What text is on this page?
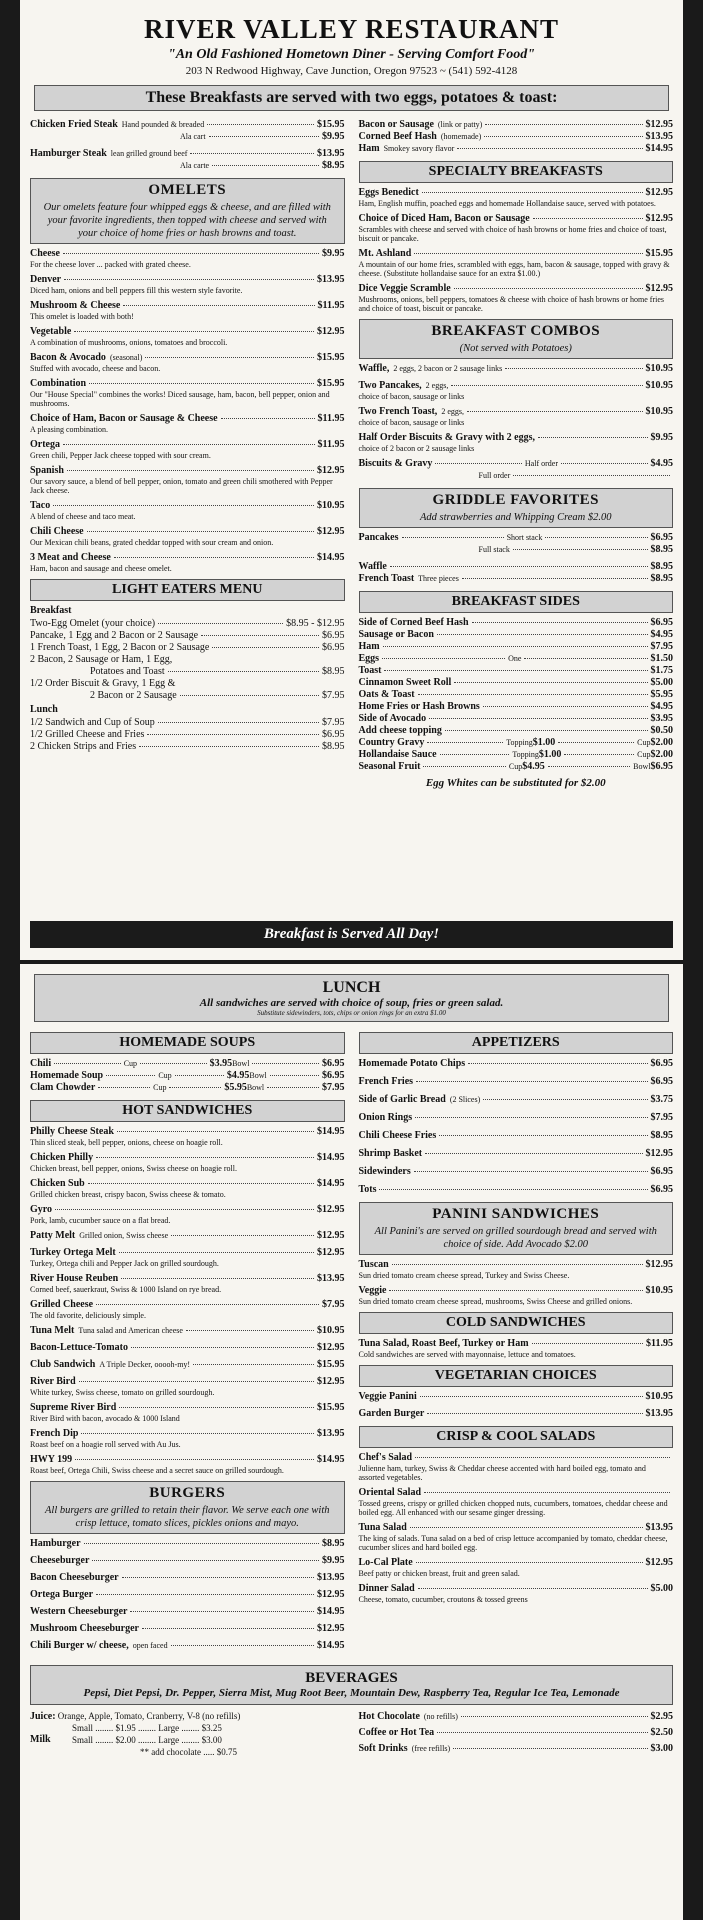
RIVER VALLEY RESTAURANT
"An Old Fashioned Hometown Diner - Serving Comfort Food"
203 N Redwood Highway, Cave Junction, Oregon 97523 ~ (541) 592-4128
These Breakfasts are served with two eggs, potatoes & toast:
Chicken Fried Steak Hand pounded & breaded	$15.95
Ala cart	$9.95
Hamburger Steak lean grilled ground beef	$13.95
Ala carte	$8.95
OMELETS
Our omelets feature four whipped eggs & cheese, and are filled with your favorite ingredients, then topped with cheese and served with your choice of home fries or hash browns and toast.
Cheese	$9.95
For the cheese lover ... packed with grated cheese.
Denver	$13.95
Diced ham, onions and bell peppers fill this western style favorite.
Mushroom & Cheese	$11.95
This omelet is loaded with both!
Vegetable	$12.95
A combination of mushrooms, onions, tomatoes and broccoli.
Bacon & Avocado (seasonal)	$15.95
Stuffed with avocado, cheese and bacon.
Combination	$15.95
Our "House Special" combines the works! Diced sausage, ham, bacon, bell pepper, onion and mushrooms.
Choice of Ham, Bacon or Sausage & Cheese	$11.95
A pleasing combination.
Ortega	$11.95
Green chili, Pepper Jack cheese topped with sour cream.
Spanish	$12.95
Our savory sauce, a blend of bell pepper, onion, tomato and green chili smothered with Pepper Jack cheese.
Taco	$10.95
A blend of cheese and taco meat.
Chili Cheese	$12.95
Our Mexican chili beans, grated cheddar topped with sour cream and onion.
3 Meat and Cheese	$14.95
Ham, bacon and sausage and cheese omelet.
LIGHT EATERS MENU
Breakfast
Two-Egg Omelet (your choice)	$8.95 - $12.95
Pancake, 1 Egg and 2 Bacon or 2 Sausage	$6.95
1 French Toast, 1 Egg, 2 Bacon or 2 Sausage	$6.95
2 Bacon, 2 Sausage or Ham, 1 Egg,
Potatoes and Toast	$8.95
1/2 Order Biscuit & Gravy, 1 Egg &
2 Bacon or 2 Sausage	$7.95
Lunch
1/2 Sandwich and Cup of Soup	$7.95
1/2 Grilled Cheese and Fries	$6.95
2 Chicken Strips and Fries	$8.95
Bacon or Sausage (link or patty)	$12.95
Corned Beef Hash (homemade)	$13.95
Ham Smokey savory flavor	$14.95
SPECIALTY BREAKFASTS
Eggs Benedict	$12.95
Ham, English muffin, poached eggs and homemade Hollandaise sauce, served with potatoes.
Choice of Diced Ham, Bacon or Sausage	$12.95
Scrambles with cheese and served with choice of hash browns or home fries and choice of toast, biscuit or pancake.
Mt. Ashland	$15.95
A mountain of our home fries, scrambled with eggs, ham, bacon & sausage, topped with gravy & cheese. (Substitute hollandaise sauce for an extra $1.00.)
Dice Veggie Scramble	$12.95
Mushrooms, onions, bell peppers, tomatoes & cheese with choice of hash browns or home fries and choice of toast, biscuit or pancake.
BREAKFAST COMBOS
(Not served with Potatoes)
Waffle, 2 eggs, 2 bacon or 2 sausage links	$10.95
Two Pancakes, 2 eggs,	$10.95
choice of bacon, sausage or links
Two French Toast, 2 eggs,	$10.95
choice of bacon, sausage or links
Half Order Biscuits & Gravy with 2 eggs,	$9.95
choice of 2 bacon or 2 sausage links
Biscuits & Gravy	Half order	$4.95
Full order
GRIDDLE FAVORITES
Add strawberries and Whipping Cream $2.00
Pancakes	Short stack	$6.95
Full stack	$8.95
Waffle	$8.95
French Toast Three pieces	$8.95
BREAKFAST SIDES
Side of Corned Beef Hash	$6.95
Sausage or Bacon	$4.95
Ham	$7.95
Eggs	One	$1.50
Toast	$1.75
Cinnamon Sweet Roll	$5.00
Oats & Toast	$5.95
Home Fries or Hash Browns	$4.95
Side of Avocado	$3.95
Add cheese topping	$0.50
Country Gravy	Topping $1.00	Cup $2.00
Hollandaise Sauce	Topping $1.00	Cup $2.00
Seasonal Fruit	Cup $4.95	Bowl $6.95
Egg Whites can be substituted for $2.00
Breakfast is Served All Day!
LUNCH
All sandwiches are served with choice of soup, fries or green salad.
Substitute sidewinders, tots, chips or onion rings for an extra $1.00
HOMEMADE SOUPS
Chili	Cup	$3.95 Bowl	$6.95
Homemade Soup	Cup	$4.95 Bowl	$6.95
Clam Chowder	Cup	$5.95 Bowl	$7.95
HOT SANDWICHES
Philly Cheese Steak	$14.95
Thin sliced steak, bell pepper, onions, cheese on hoagie roll.
Chicken Philly	$14.95
Chicken breast, bell pepper, onions, Swiss cheese on hoagie roll.
Chicken Sub	$14.95
Grilled chicken breast, crispy bacon, Swiss cheese & tomato.
Gyro	$12.95
Pork, lamb, cucumber sauce on a flat bread.
Patty Melt Grilled onion, Swiss cheese	$12.95
Turkey Ortega Melt	$12.95
Turkey, Ortega chili and Pepper Jack on grilled sourdough.
River House Reuben	$13.95
Corned beef, sauerkraut, Swiss & 1000 Island on rye bread.
Grilled Cheese	$7.95
The old favorite, deliciously simple.
Tuna Melt Tuna salad and American cheese	$10.95
Bacon-Lettuce-Tomato	$12.95
Club Sandwich A Triple Decker, ooooh-my!	$15.95
River Bird	$12.95
White turkey, Swiss cheese, tomato on grilled sourdough.
Supreme River Bird	$15.95
River Bird with bacon, avocado & 1000 Island
French Dip	$13.95
Roast beef on a hoagie roll served with Au Jus.
HWY 199	$14.95
Roast beef, Ortega Chili, Swiss cheese and a secret sauce on grilled sourdough.
BURGERS
All burgers are grilled to retain their flavor. We serve each one with crisp lettuce, tomato slices, pickles onions and mayo.
Hamburger	$8.95
Cheeseburger	$9.95
Bacon Cheeseburger	$13.95
Ortega Burger	$12.95
Western Cheeseburger	$14.95
Mushroom Cheeseburger	$12.95
Chili Burger w/ cheese, open faced	$14.95
APPETIZERS
Homemade Potato Chips	$6.95
French Fries	$6.95
Side of Garlic Bread (2 Slices)	$3.75
Onion Rings	$7.95
Chili Cheese Fries	$8.95
Shrimp Basket	$12.95
Sidewinders	$6.95
Tots	$6.95
PANINI SANDWICHES
All Panini's are served on grilled sourdough bread and served with choice of side. Add Avocado $2.00
Tuscan	$12.95
Sun dried tomato cream cheese spread, Turkey and Swiss Cheese.
Veggie	$10.95
Sun dried tomato cream cheese spread, mushrooms, Swiss Cheese and grilled onions.
COLD SANDWICHES
Tuna Salad, Roast Beef, Turkey or Ham	$11.95
Cold sandwiches are served with mayonnaise, lettuce and tomatoes.
VEGETARIAN CHOICES
Veggie Panini	$10.95
Garden Burger	$13.95
CRISP & COOL SALADS
Chef's Salad
Julienne ham, turkey, Swiss & Cheddar cheese accented with hard boiled egg, tomato and assorted vegetables.
Oriental Salad
Tossed greens, crispy or grilled chicken chopped nuts, cucumbers, tomatoes, cheddar cheese and boiled egg. All enhanced with our sesame ginger dressing.
Tuna Salad	$13.95
The king of salads. Tuna salad on a bed of crisp lettuce accompanied by tomato, cheddar cheese, cucumber slices and hard boiled egg.
Lo-Cal Plate	$12.95
Beef patty or chicken breast, fruit and green salad.
Dinner Salad	$5.00
Cheese, tomato, cucumber, croutons & tossed greens
BEVERAGES
Pepsi, Diet Pepsi, Dr. Pepper, Sierra Mist, Mug Root Beer, Mountain Dew, Raspberry Tea, Regular Ice Tea, Lemonade
Juice: Orange, Apple, Tomato, Cranberry, V-8 (no refills)
Small ........ $1.95 ........ Large ........ $3.25
Milk	Small ........ $2.00 ........ Large ........ $3.00
** add chocolate ..... $0.75
Hot Chocolate (no refills)	$2.95
Coffee or Hot Tea	$2.50
Soft Drinks (free refills)	$3.00
